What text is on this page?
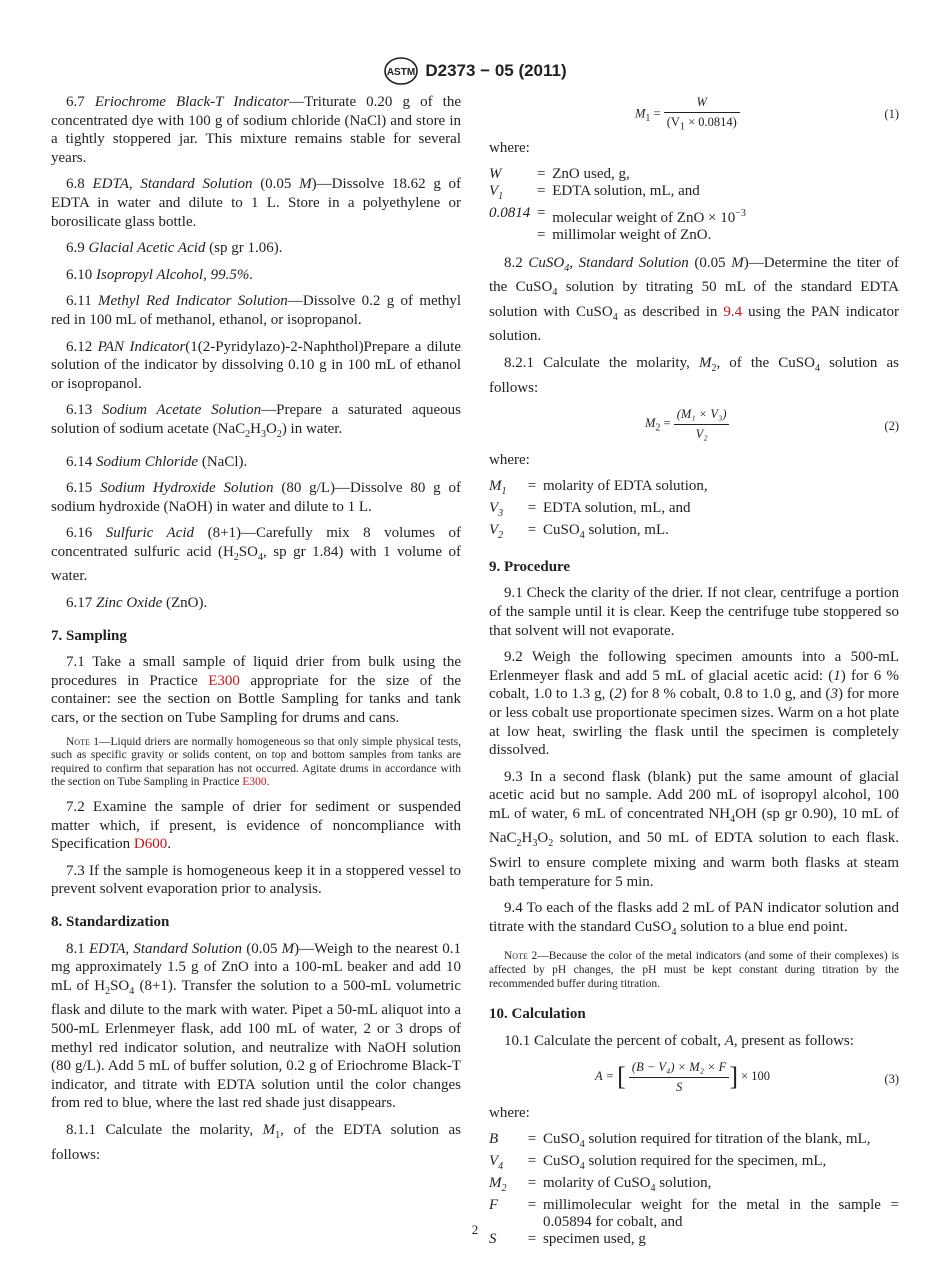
ASTM D2373 − 05 (2011)

6.7 Eriochrome Black-T Indicator—Triturate 0.20 g of the concentrated dye with 100 g of sodium chloride (NaCl) and store in a tightly stoppered jar. This mixture remains stable for several years.

6.8 EDTA, Standard Solution (0.05 M)—Dissolve 18.62 g of EDTA in water and dilute to 1 L. Store in a polyethylene or borosilicate glass bottle.

6.9 Glacial Acetic Acid (sp gr 1.06).

6.10 Isopropyl Alcohol, 99.5%.

6.11 Methyl Red Indicator Solution—Dissolve 0.2 g of methyl red in 100 mL of methanol, ethanol, or isopropanol.

6.12 PAN Indicator(1(2-Pyridylazo)-2-Naphthol)Prepare a dilute solution of the indicator by dissolving 0.10 g in 100 mL of ethanol or isopropanol.

6.13 Sodium Acetate Solution—Prepare a saturated aqueous solution of sodium acetate $(NaC_2H_3O_2)$ in water.

6.14 Sodium Chloride (NaCl).

6.15 Sodium Hydroxide Solution (80 g/L)—Dissolve 80 g of sodium hydroxide (NaOH) in water and dilute to 1 L.

6.16 Sulfuric Acid (8+1)—Carefully mix 8 volumes of concentrated sulfuric acid ($H_2SO_4$, sp gr 1.84) with 1 volume of water.

6.17 Zinc Oxide (ZnO).

7. Sampling

7.1 Take a small sample of liquid drier from bulk using the procedures in Practice E300 appropriate for the size of the container: see the section on Bottle Sampling for tanks and tank cars, or the section on Tube Sampling for drums and cans.

Note 1—Liquid driers are normally homogeneous so that only simple physical tests, such as specific gravity or solids content, on top and bottom samples from tanks are required to confirm that separation has not occurred. Agitate drums in accordance with the section on Tube Sampling in Practice E300.

7.2 Examine the sample of drier for sediment or suspended matter which, if present, is evidence of noncompliance with Specification D600.

7.3 If the sample is homogeneous keep it in a stoppered vessel to prevent solvent evaporation prior to analysis.

8. Standardization

8.1 EDTA, Standard Solution (0.05 M)—Weigh to the nearest 0.1 mg approximately 1.5 g of ZnO into a 100-mL beaker and add 10 mL of $H_2SO_4$ (8+1). Transfer the solution to a 500-mL volumetric flask and dilute to the mark with water. Pipet a 50-mL aliquot into a 500-mL Erlenmeyer flask, add 100 mL of water, 2 or 3 drops of methyl red indicator solution, and neutralize with NaOH solution (80 g/L). Add 5 mL of buffer solution, 0.2 g of Eriochrome Black-T indicator, and titrate with EDTA solution until the color changes from red to blue, where the last red shade just disappears.

8.1.1 Calculate the molarity, $M_1$, of the EDTA solution as follows:

$M_1 = \frac{W}{(V_1 \times 0.0814)}$	(1)

where:

W	=	ZnO used, g,
$V_1$	=	EDTA solution, mL, and
0.0814	=	molecular weight of ZnO × $10^{-3}$
	=	millimolar weight of ZnO.

8.2 CuSO$_4$, Standard Solution (0.05 M)—Determine the titer of the CuSO$_4$ solution by titrating 50 mL of the standard EDTA solution with CuSO$_4$ as described in 9.4 using the PAN indicator solution.

8.2.1 Calculate the molarity, $M_2$, of the CuSO$_4$ solution as follows:

$M_2 = \frac{\text{(M₁ × V₃)}}{\text{V₂}}$	(2)

where:

$M_1$	=	molarity of EDTA solution,
$V_3$	=	EDTA solution, mL, and
$V_2$	=	CuSO$_4$ solution, mL.
9. Procedure

9.1 Check the clarity of the drier. If not clear, centrifuge a portion of the sample until it is clear. Keep the centrifuge tube stoppered so that solvent will not evaporate.

9.2 Weigh the following specimen amounts into a 500-mL Erlenmeyer flask and add 5 mL of glacial acetic acid: (1) for 6 % cobalt, 1.0 to 1.3 g, (2) for 8 % cobalt, 0.8 to 1.0 g, and (3) for more or less cobalt use proportionate specimen sizes. Warm on a hot plate at low heat, swirling the flask until the specimen is completely dissolved.

9.3 In a second flask (blank) put the same amount of glacial acetic acid but no sample. Add 200 mL of isopropyl alcohol, 100 mL of water, 6 mL of concentrated $NH_4OH$ (sp gr 0.90), 10 mL of $NaC_2H_3O_2$ solution, and 50 mL of EDTA solution to each flask. Swirl to ensure complete mixing and warm both flasks at steam bath temperature for 5 min.

9.4 To each of the flasks add 2 mL of PAN indicator solution and titrate with the standard CuSO$_4$ solution to a blue end point.

Note 2—Because the color of the metal indicators (and some of their complexes) is affected by pH changes, the pH must be kept constant during titration by the recommended buffer during titration.
10. Calculation

10.1 Calculate the percent of cobalt, A, present as follows:

A = [ $\frac{\text{(B − V₄) × M₂ × F}}{S}$ ] × 100	(3)

where:

B	=	CuSO$_4$ solution required for titration of the blank, mL,
$V_4$	=	CuSO$_4$ solution required for the specimen, mL,
$M_2$	=	molarity of CuSO$_4$ solution,
F	=	millimolecular weight for the metal in the sample = 0.05894 for cobalt, and
S	=	specimen used, g
2
